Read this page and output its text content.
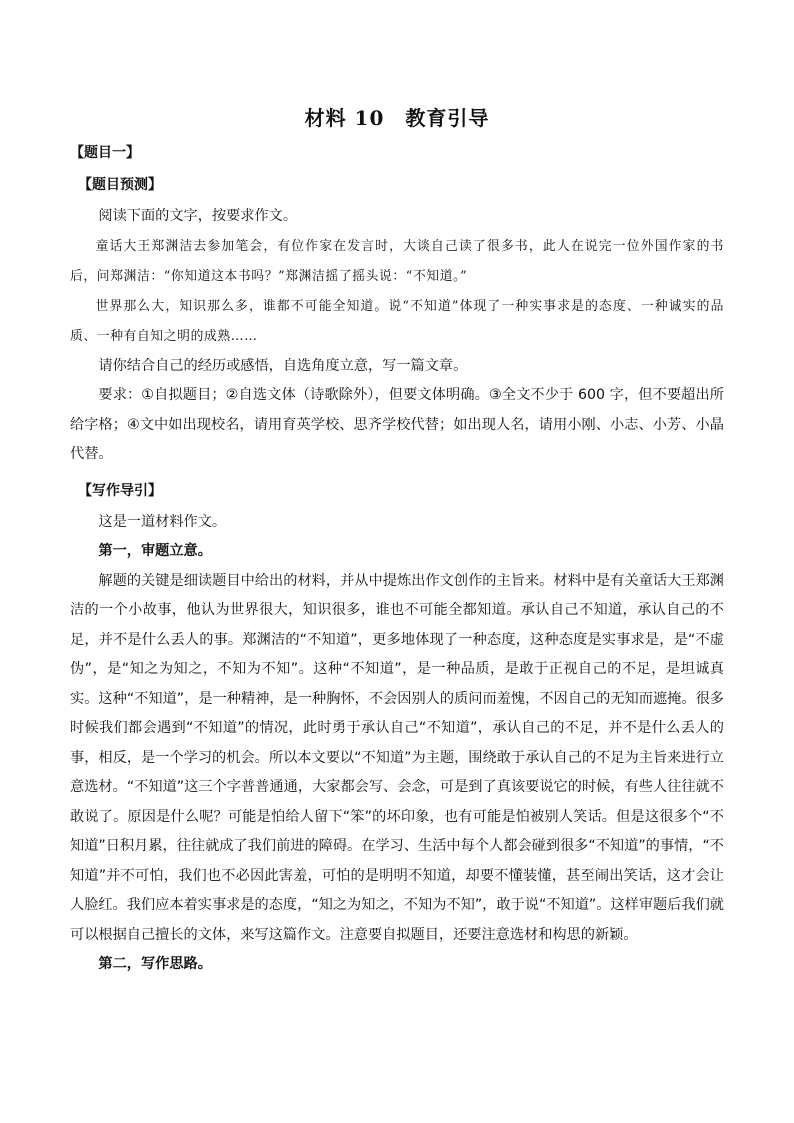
材料 10　教育引导
【题目一】
【题目预测】

阅读下面的文字，按要求作文。

童话大王郑渊洁去参加笔会，有位作家在发言时，大谈自己读了很多书，此人在说完一位外国作家的书后，问郑渊洁：“你知道这本书吗？”郑渊洁摇了摇头说：“不知道。”

世界那么大，知识那么多，谁都不可能全知道。说“不知道”体现了一种实事求是的态度、一种诚实的品质、一种有自知之明的成熟……

请你结合自己的经历或感悟，自选角度立意，写一篇文章。

要求：①自拟题目；②自选文体（诗歌除外），但要文体明确。③全文不少于 600 字，但不要超出所给字格；④文中如出现校名，请用育英学校、思齐学校代替；如出现人名，请用小刚、小志、小芳、小晶代替。

【写作导引】

这是一道材料作文。

第一，审题立意。

解题的关键是细读题目中给出的材料，并从中提炼出作文创作的主旨来。材料中是有关童话大王郑渊洁的一个小故事，他认为世界很大，知识很多，谁也不可能全都知道。承认自己不知道，承认自己的不足，并不是什么丢人的事。郑渊洁的“不知道”，更多地体现了一种态度，这种态度是实事求是，是“不虚伪”，是“知之为知之，不知为不知”。这种“不知道”，是一种品质，是敢于正视自己的不足，是坦诚真实。这种“不知道”，是一种精神，是一种胸怀，不会因别人的质问而羞愧，不因自己的无知而遮掩。很多时候我们都会遇到“不知道”的情况，此时勇于承认自己“不知道”，承认自己的不足，并不是什么丢人的事，相反，是一个学习的机会。所以本文要以“不知道”为主题，围绕敢于承认自己的不足为主旨来进行立意选材。“不知道”这三个字普普通通，大家都会写、会念，可是到了真该要说它的时候，有些人往往就不敢说了。原因是什么呢？可能是怕给人留下“笨”的坏印象，也有可能是怕被别人笑话。但是这很多个“不知道”日积月累，往往就成了我们前进的障碍。在学习、生活中每个人都会碰到很多“不知道”的事情，“不知道”并不可怕，我们也不必因此害羞，可怕的是明明不知道，却要不懂装懂，甚至闹出笑话，这才会让人脸红。我们应本着实事求是的态度，“知之为知之，不知为不知”，敢于说“不知道”。这样审题后我们就可以根据自己擅长的文体，来写这篇作文。注意要自拟题目，还要注意选材和构思的新颖。

第二，写作思路。
